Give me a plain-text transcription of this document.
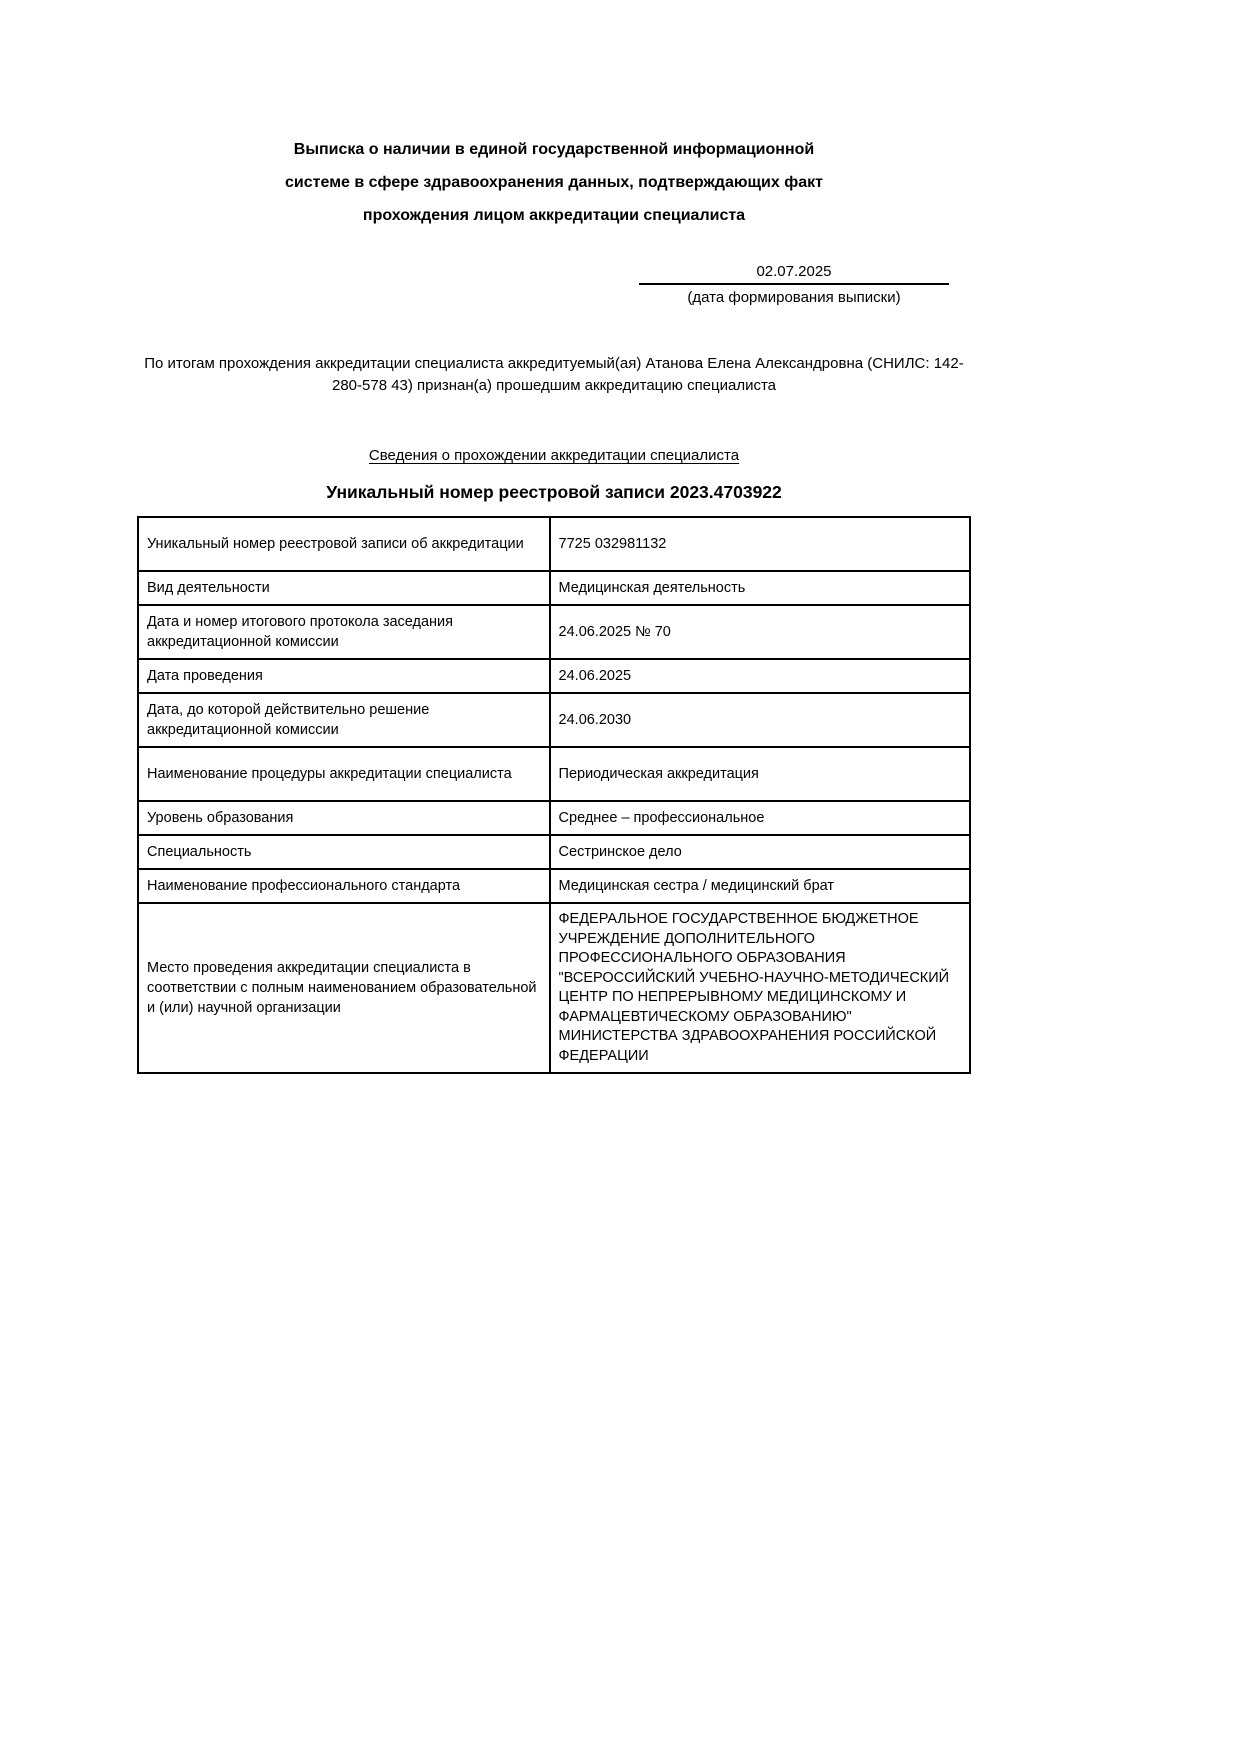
Выписка о наличии в единой государственной информационной системе в сфере здравоохранения данных, подтверждающих факт прохождения лицом аккредитации специалиста
02.07.2025
(дата формирования выписки)

По итогам прохождения аккредитации специалиста аккредитуемый(ая) Атанова Елена Александровна (СНИЛС: 142-280-578 43) признан(а) прошедшим аккредитацию специалиста

Сведения о прохождении аккредитации специалиста
Уникальный номер реестровой записи 2023.4703922
Уникальный номер реестровой записи об аккредитации	7725 032981132
Вид деятельности	Медицинская деятельность
Дата и номер итогового протокола заседания аккредитационной комиссии	24.06.2025 № 70
Дата проведения	24.06.2025
Дата, до которой действительно решение аккредитационной комиссии	24.06.2030
Наименование процедуры аккредитации специалиста	Периодическая аккредитация
Уровень образования	Среднее – профессиональное
Специальность	Сестринское дело
Наименование профессионального стандарта	Медицинская сестра / медицинский брат
Место проведения аккредитации специалиста в соответствии с полным наименованием образовательной и (или) научной организации	ФЕДЕРАЛЬНОЕ ГОСУДАРСТВЕННОЕ БЮДЖЕТНОЕ УЧРЕЖДЕНИЕ ДОПОЛНИТЕЛЬНОГО ПРОФЕССИОНАЛЬНОГО ОБРАЗОВАНИЯ "ВСЕРОССИЙСКИЙ УЧЕБНО-НАУЧНО-МЕТОДИЧЕСКИЙ ЦЕНТР ПО НЕПРЕРЫВНОМУ МЕДИЦИНСКОМУ И ФАРМАЦЕВТИЧЕСКОМУ ОБРАЗОВАНИЮ" МИНИСТЕРСТВА ЗДРАВООХРАНЕНИЯ РОССИЙСКОЙ ФЕДЕРАЦИИ
